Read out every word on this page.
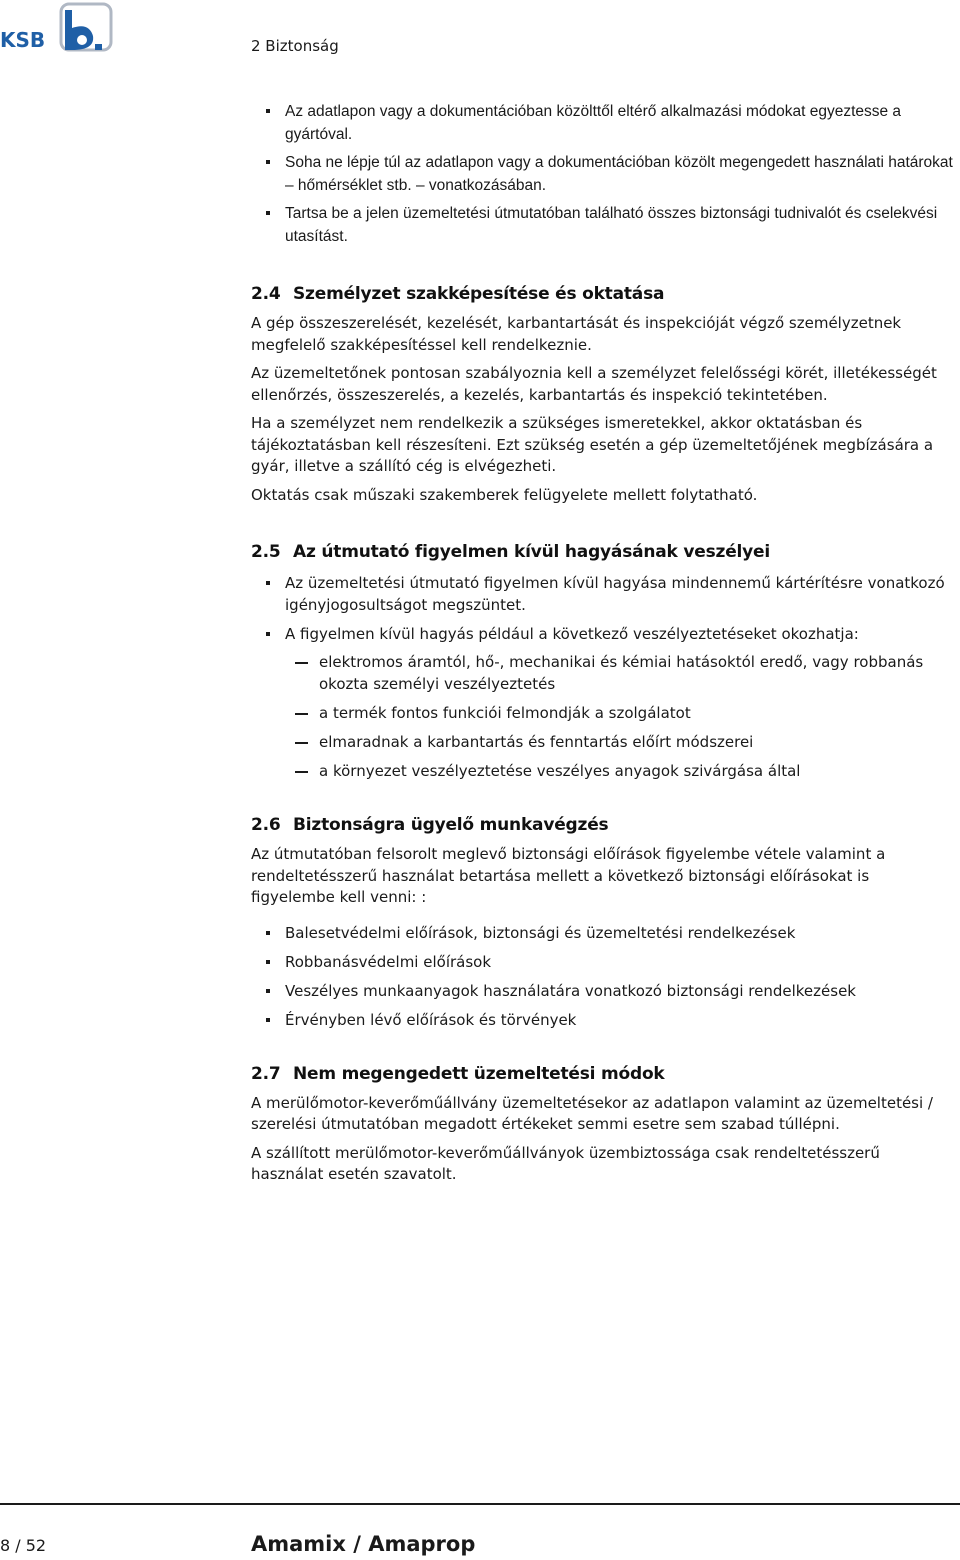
KSB	2 Biztonság
Az adatlapon vagy a dokumentációban közölttől eltérő alkalmazási módokat egyeztesse a gyártóval.
Soha ne lépje túl az adatlapon vagy a dokumentációban közölt megengedett használati határokat – hőmérséklet stb. – vonatkozásában.
Tartsa be a jelen üzemeltetési útmutatóban található összes biztonsági tudnivalót és cselekvési utasítást.
2.4 Személyzet szakképesítése és oktatása

A gép összeszerelését, kezelését, karbantartását és inspekcióját végző személyzetnek megfelelő szakképesítéssel kell rendelkeznie.

Az üzemeltetőnek pontosan szabályoznia kell a személyzet felelősségi körét, illetékességét ellenőrzés, összeszerelés, a kezelés, karbantartás és inspekció tekintetében.

Ha a személyzet nem rendelkezik a szükséges ismeretekkel, akkor oktatásban és tájékoztatásban kell részesíteni. Ezt szükség esetén a gép üzemeltetőjének megbízására a gyár, illetve a szállító cég is elvégezheti.

Oktatás csak műszaki szakemberek felügyelete mellett folytatható.

2.5 Az útmutató figyelmen kívül hagyásának veszélyei
Az üzemeltetési útmutató figyelmen kívül hagyása mindennemű kártérítésre vonatkozó igényjogosultságot megszüntet.
A figyelmen kívül hagyás például a következő veszélyeztetéseket okozhatja:
elektromos áramtól, hő-, mechanikai és kémiai hatásoktól eredő, vagy robbanás okozta személyi veszélyeztetés
a termék fontos funkciói felmondják a szolgálatot
elmaradnak a karbantartás és fenntartás előírt módszerei
a környezet veszélyeztetése veszélyes anyagok szivárgása által
2.6 Biztonságra ügyelő munkavégzés

Az útmutatóban felsorolt meglevő biztonsági előírások figyelembe vétele valamint a rendeltetésszerű használat betartása mellett a következő biztonsági előírásokat is figyelembe kell venni: :

Balesetvédelmi előírások, biztonsági és üzemeltetési rendelkezések
Robbanásvédelmi előírások
Veszélyes munkaanyagok használatára vonatkozó biztonsági rendelkezések
Érvényben lévő előírások és törvények
2.7 Nem megengedett üzemeltetési módok

A merülőmotor-keverőműállvány üzemeltetésekor az adatlapon valamint az üzemeltetési / szerelési útmutatóban megadott értékeket semmi esetre sem szabad túllépni.

A szállított merülőmotor-keverőműállványok üzembiztossága csak rendeltetésszerű használat esetén szavatolt.

8 / 52	Amamix / Amaprop
